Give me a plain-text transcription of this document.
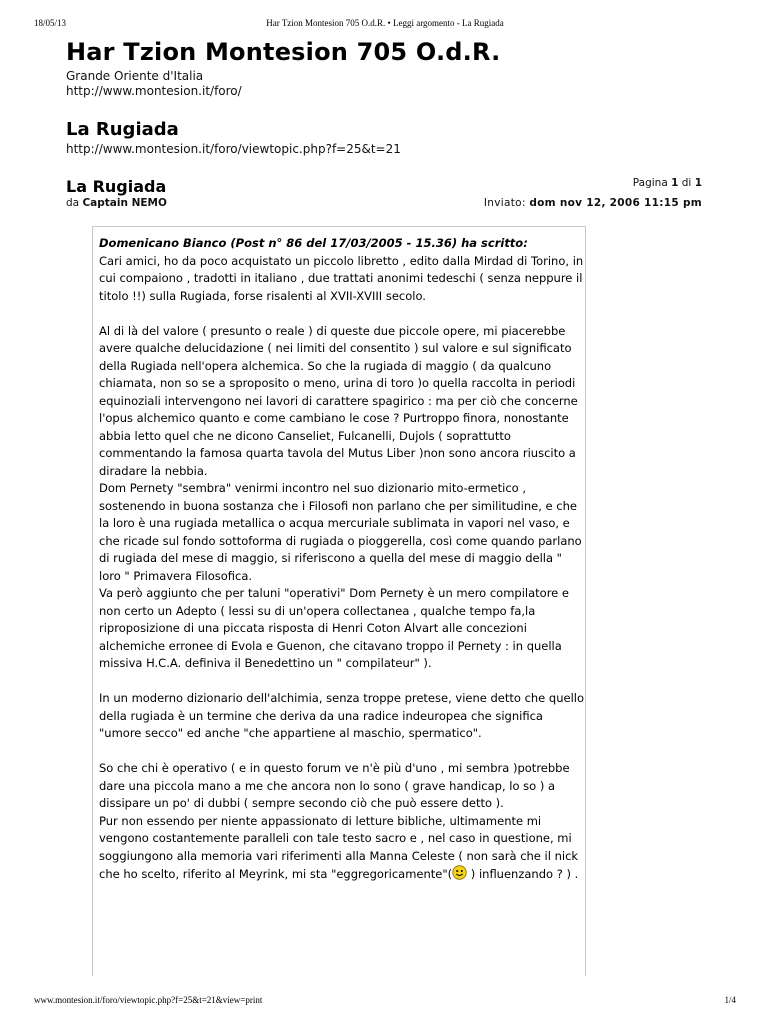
18/05/13	Har Tzion Montesion 705 O.d.R. • Leggi argomento - La Rugiada
Har Tzion Montesion 705 O.d.R.
Grande Oriente d'Italia
http://www.montesion.it/foro/
La Rugiada
http://www.montesion.it/foro/viewtopic.php?f=25&t=21
La Rugiada
da Captain NEMO
Pagina 1 di 1
Inviato: dom nov 12, 2006 11:15 pm
Domenicano Bianco (Post n° 86 del 17/03/2005 - 15.36) ha scritto:

Cari amici, ho da poco acquistato un piccolo libretto , edito dalla Mirdad di Torino, in cui compaiono , tradotti in italiano , due trattati anonimi tedeschi ( senza neppure il titolo !!) sulla Rugiada, forse risalenti al XVII-XVIII secolo.

Al di là del valore ( presunto o reale ) di queste due piccole opere, mi piacerebbe avere qualche delucidazione ( nei limiti del consentito ) sul valore e sul significato della Rugiada nell'opera alchemica. So che la rugiada di maggio ( da qualcuno chiamata, non so se a sproposito o meno, urina di toro )o quella raccolta in periodi equinoziali intervengono nei lavori di carattere spagirico : ma per ciò che concerne l'opus alchemico quanto e come cambiano le cose ? Purtroppo finora, nonostante abbia letto quel che ne dicono Canseliet, Fulcanelli, Dujols ( soprattutto commentando la famosa quarta tavola del Mutus Liber )non sono ancora riuscito a diradare la nebbia.

Dom Pernety "sembra" venirmi incontro nel suo dizionario mito-ermetico , sostenendo in buona sostanza che i Filosofi non parlano che per similitudine, e che la loro è una rugiada metallica o acqua mercuriale sublimata in vapori nel vaso, e che ricade sul fondo sottoforma di rugiada o pioggerella, così come quando parlano di rugiada del mese di maggio, si riferiscono a quella del mese di maggio della " loro " Primavera Filosofica.

Va però aggiunto che per taluni "operativi" Dom Pernety è un mero compilatore e non certo un Adepto ( lessi su di un'opera collectanea , qualche tempo fa,la riproposizione di una piccata risposta di Henri Coton Alvart alle concezioni alchemiche erronee di Evola e Guenon, che citavano troppo il Pernety : in quella missiva H.C.A. definiva il Benedettino un " compilateur" ).

In un moderno dizionario dell'alchimia, senza troppe pretese, viene detto che quello della rugiada è un termine che deriva da una radice indeuropea che significa "umore secco" ed anche "che appartiene al maschio, spermatico".

So che chi è operativo ( e in questo forum ve n'è più d'uno , mi sembra )potrebbe dare una piccola mano a me che ancora non lo sono ( grave handicap, lo so ) a dissipare un po' di dubbi ( sempre secondo ciò che può essere detto ).

Pur non essendo per niente appassionato di letture bibliche, ultimamente mi vengono costantemente paralleli con tale testo sacro e , nel caso in questione, mi soggiungono alla memoria vari riferimenti alla Manna Celeste ( non sarà che il nick che ho scelto, riferito al Meyrink, mi sta "eggregoricamente"( ) influenzando ? ) .

www.montesion.it/foro/viewtopic.php?f=25&t=21&view=print	1/4
